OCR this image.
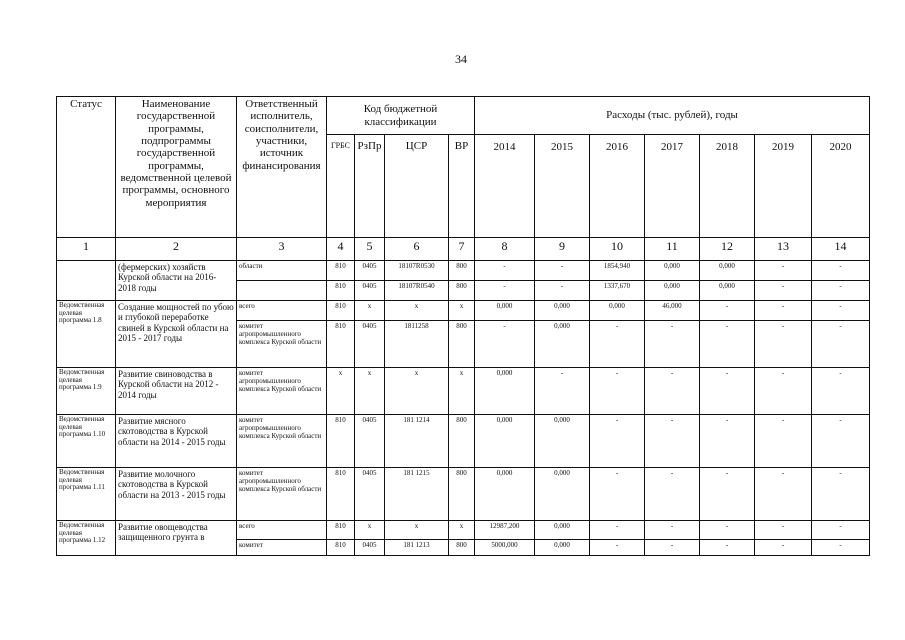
34
Статус	Наименование государственной программы, подпрограммы государственной программы, ведомственной целевой программы, основного мероприятия	Ответственный исполнитель, соисполнители, участники, источник финансирования	Код бюджетной классификации				Расходы (тыс. рублей), годы						
			ГРБС	РзПр	ЦСР	ВР	2014	2015	2016	2017	2018	2019	2020
1	2	3	4	5	6	7	8	9	10	11	12	13	14
	(фермерских) хозяйств Курской области на 2016-2018 годы	области	810	0405	18107R0530	800	-	-	1854,940	0,000	0,000	-	-
			810	0405	18107R0540	800	-	-	1337,670	0,000	0,000	-	-
Ведомственная целевая программа 1.8	Создание мощностей по убою и глубокой переработке свиней в Курской области на 2015 - 2017 годы	всего	810	х	х	х	0,000	0,000	0,000	46,000	-	-	-
		комитет агропромышленного комплекса Курской области	810	0405	1811258	800	-	0,000	-	-	-	-	-
Ведомственная целевая программа 1.9	Развитие свиноводства в Курской области на 2012 - 2014 годы	комитет агропромышленного комплекса Курской области	х	х	х	х	0,000	-	-	-	-	-	-
Ведомственная целевая программа 1.10	Развитие мясного скотоводства в Курской области на 2014 - 2015 годы	комитет агропромышленного комплекса Курской области	810	0405	181 1214	800	0,000	0,000	-	-	-	-	-
Ведомственная целевая программа 1.11	Развитие молочного скотоводства в Курской области на 2013 - 2015 годы	комитет агропромышленного комплекса Курской области	810	0405	181 1215	800	0,000	0,000	-	-	-	-	-
Ведомственная целевая программа 1.12	Развитие овощеводства защищенного грунта в	всего	810	х	х	х	12987,200	0,000	-	-	-	-	-
		комитет	810	0405	181 1213	800	5000,000	0,000	-	-	-	-	-
